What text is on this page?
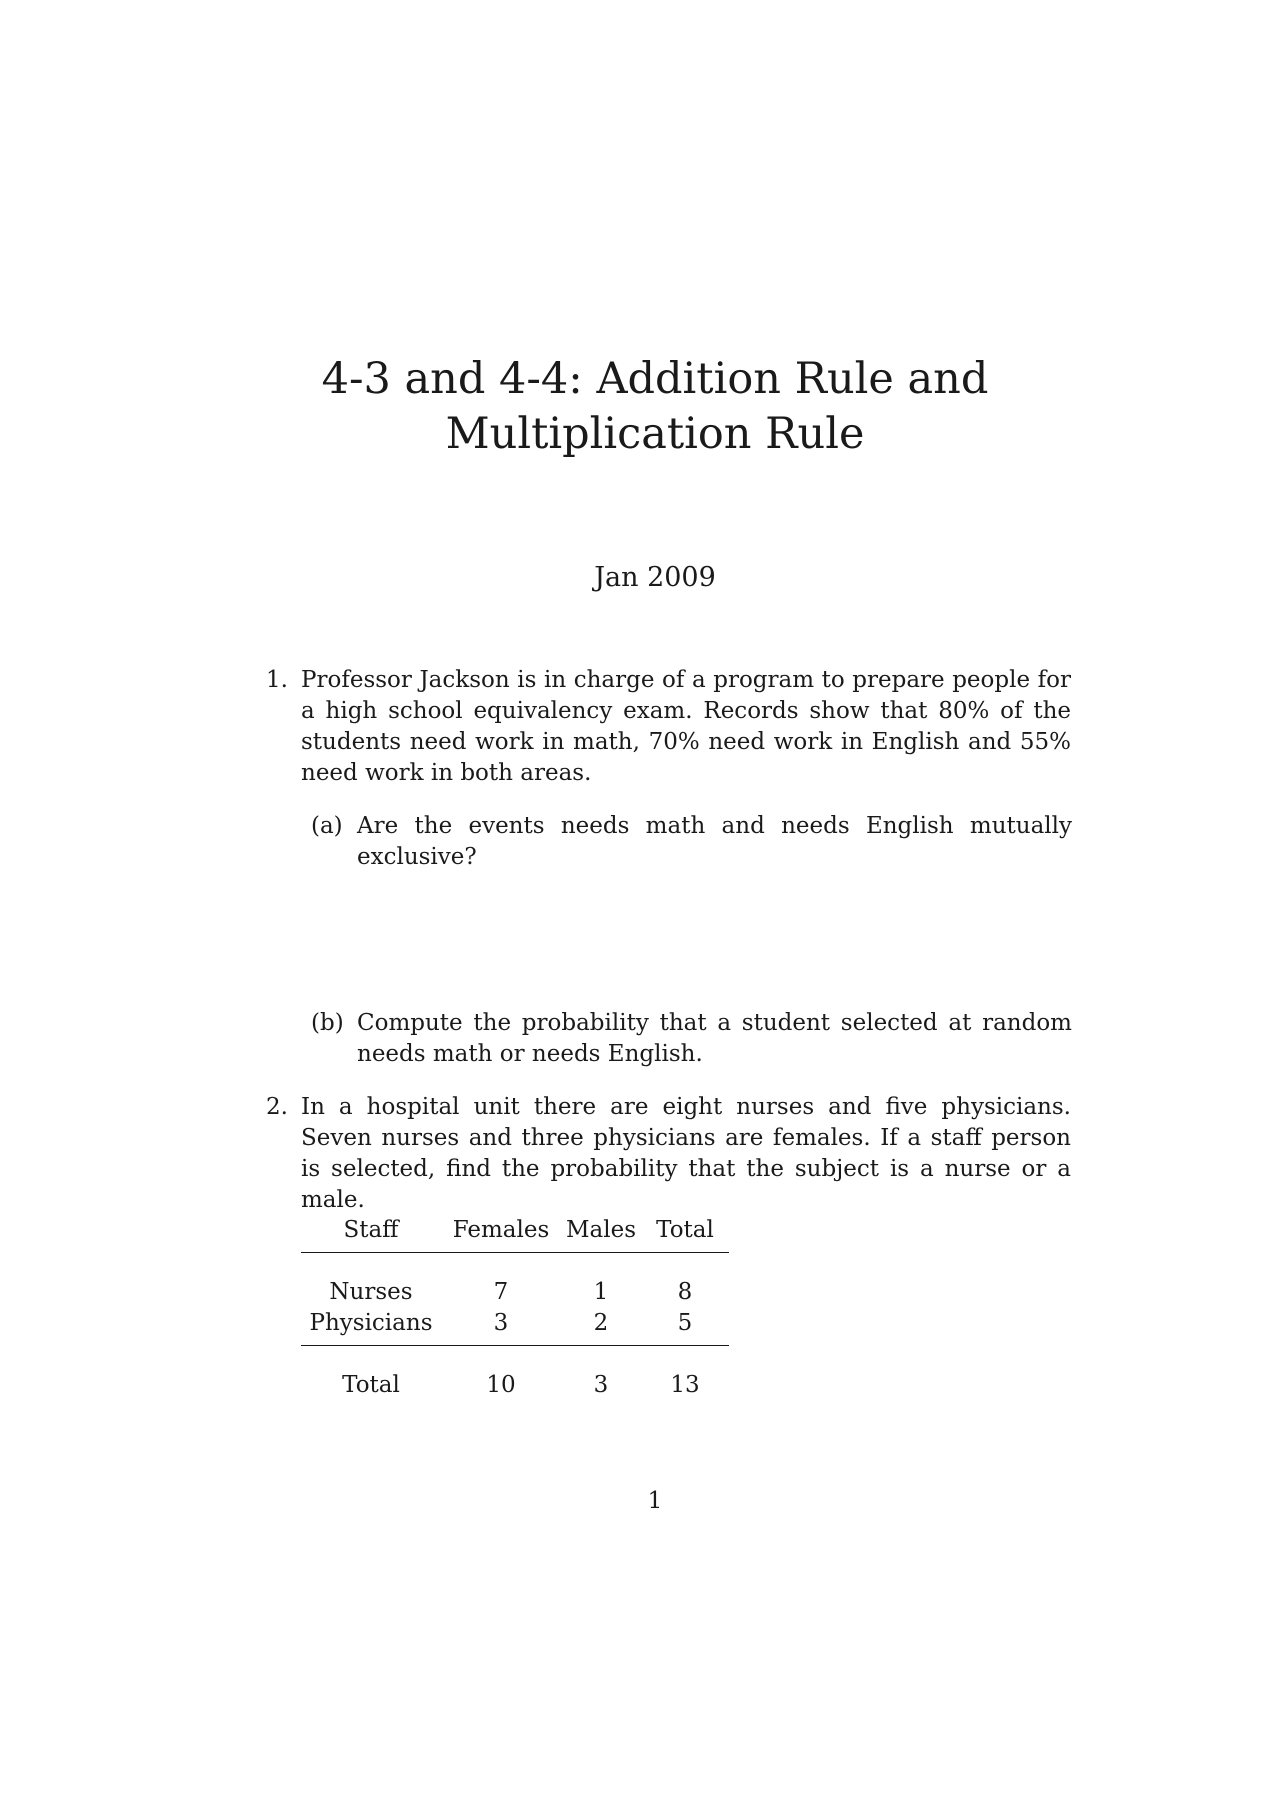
4-3 and 4-4: Addition Rule and Multiplication Rule
Jan 2009
1. Professor Jackson is in charge of a program to prepare people for a high school equivalency exam. Records show that 80% of the students need work in math, 70% need work in English and 55% need work in both areas.

(a) Are the events needs math and needs English mutually exclusive?

(b) Compute the probability that a student selected at random needs math or needs English.

2. In a hospital unit there are eight nurses and five physicians. Seven nurses and three physicians are females. If a staff person is selected, find the probability that the subject is a nurse or a male.

Staff	Females Males Total
Nurses	7	1	8
Physicians	3	2	5
Total	10	3	13
1
